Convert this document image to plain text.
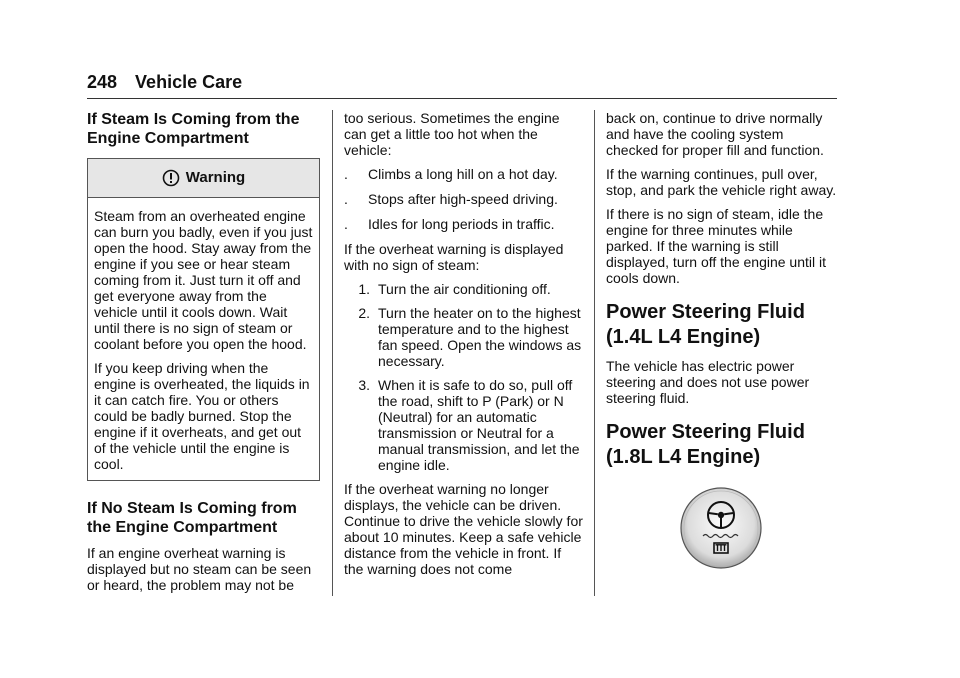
248 Vehicle Care
If Steam Is Coming from the Engine Compartment
Warning

Steam from an overheated engine can burn you badly, even if you just open the hood. Stay away from the engine if you see or hear steam coming from it. Just turn it off and get everyone away from the vehicle until it cools down. Wait until there is no sign of steam or coolant before you open the hood.

If you keep driving when the engine is overheated, the liquids in it can catch fire. You or others could be badly burned. Stop the engine if it overheats, and get out of the vehicle until the engine is cool.

If No Steam Is Coming from the Engine Compartment

If an engine overheat warning is displayed but no steam can be seen or heard, the problem may not be

too serious. Sometimes the engine can get a little too hot when the vehicle:

.	Climbs a long hill on a hot day.
.	Stops after high-speed driving.
.	Idles for long periods in traffic.

If the overheat warning is displayed with no sign of steam:

1. Turn the air conditioning off.
2. Turn the heater on to the highest temperature and to the highest fan speed. Open the windows as necessary.
3. When it is safe to do so, pull off the road, shift to P (Park) or N (Neutral) for an automatic transmission or Neutral for a manual transmission, and let the engine idle.

If the overheat warning no longer displays, the vehicle can be driven. Continue to drive the vehicle slowly for about 10 minutes. Keep a safe vehicle distance from the vehicle in front. If the warning does not come

back on, continue to drive normally and have the cooling system checked for proper fill and function.

If the warning continues, pull over, stop, and park the vehicle right away.

If there is no sign of steam, idle the engine for three minutes while parked. If the warning is still displayed, turn off the engine until it cools down.

Power Steering Fluid (1.4L L4 Engine)

The vehicle has electric power steering and does not use power steering fluid.

Power Steering Fluid (1.8L L4 Engine)
